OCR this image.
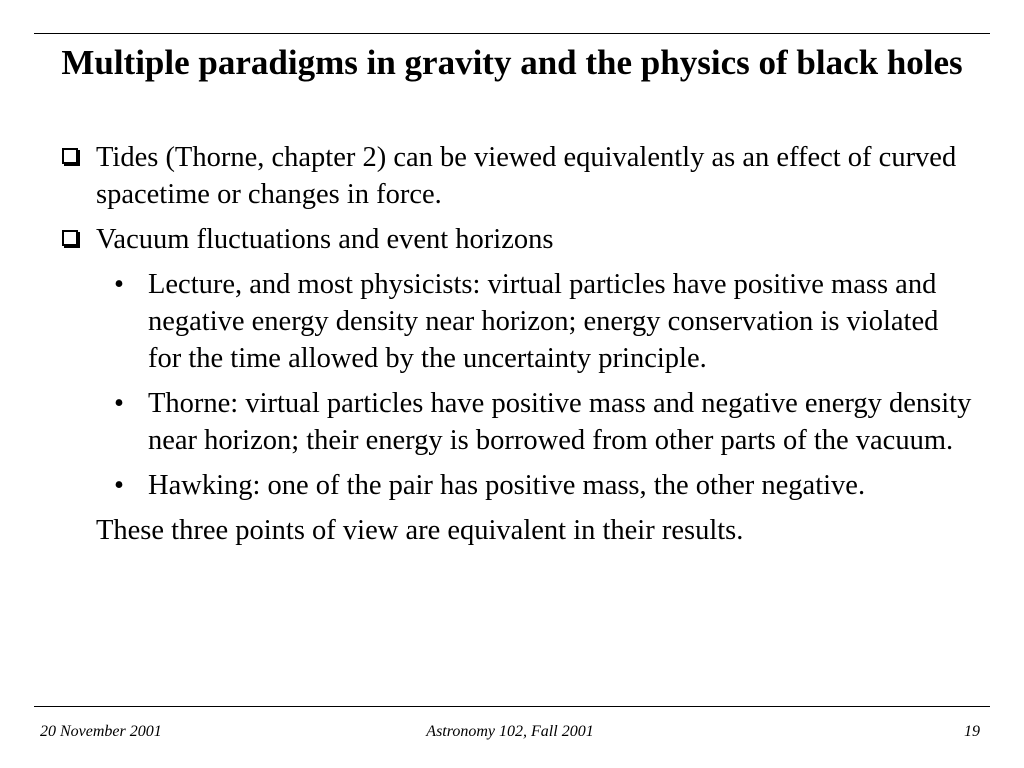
Multiple paradigms in gravity and the physics of black holes
Tides (Thorne, chapter 2) can be viewed equivalently as an effect of curved spacetime or changes in force.
Vacuum fluctuations and event horizons
• Lecture, and most physicists: virtual particles have positive mass and negative energy density near horizon; energy conservation is violated for the time allowed by the uncertainty principle.
• Thorne: virtual particles have positive mass and negative energy density near horizon; their energy is borrowed from other parts of the vacuum.
• Hawking: one of the pair has positive mass, the other negative.
These three points of view are equivalent in their results.
20 November 2001	Astronomy 102, Fall 2001	19
